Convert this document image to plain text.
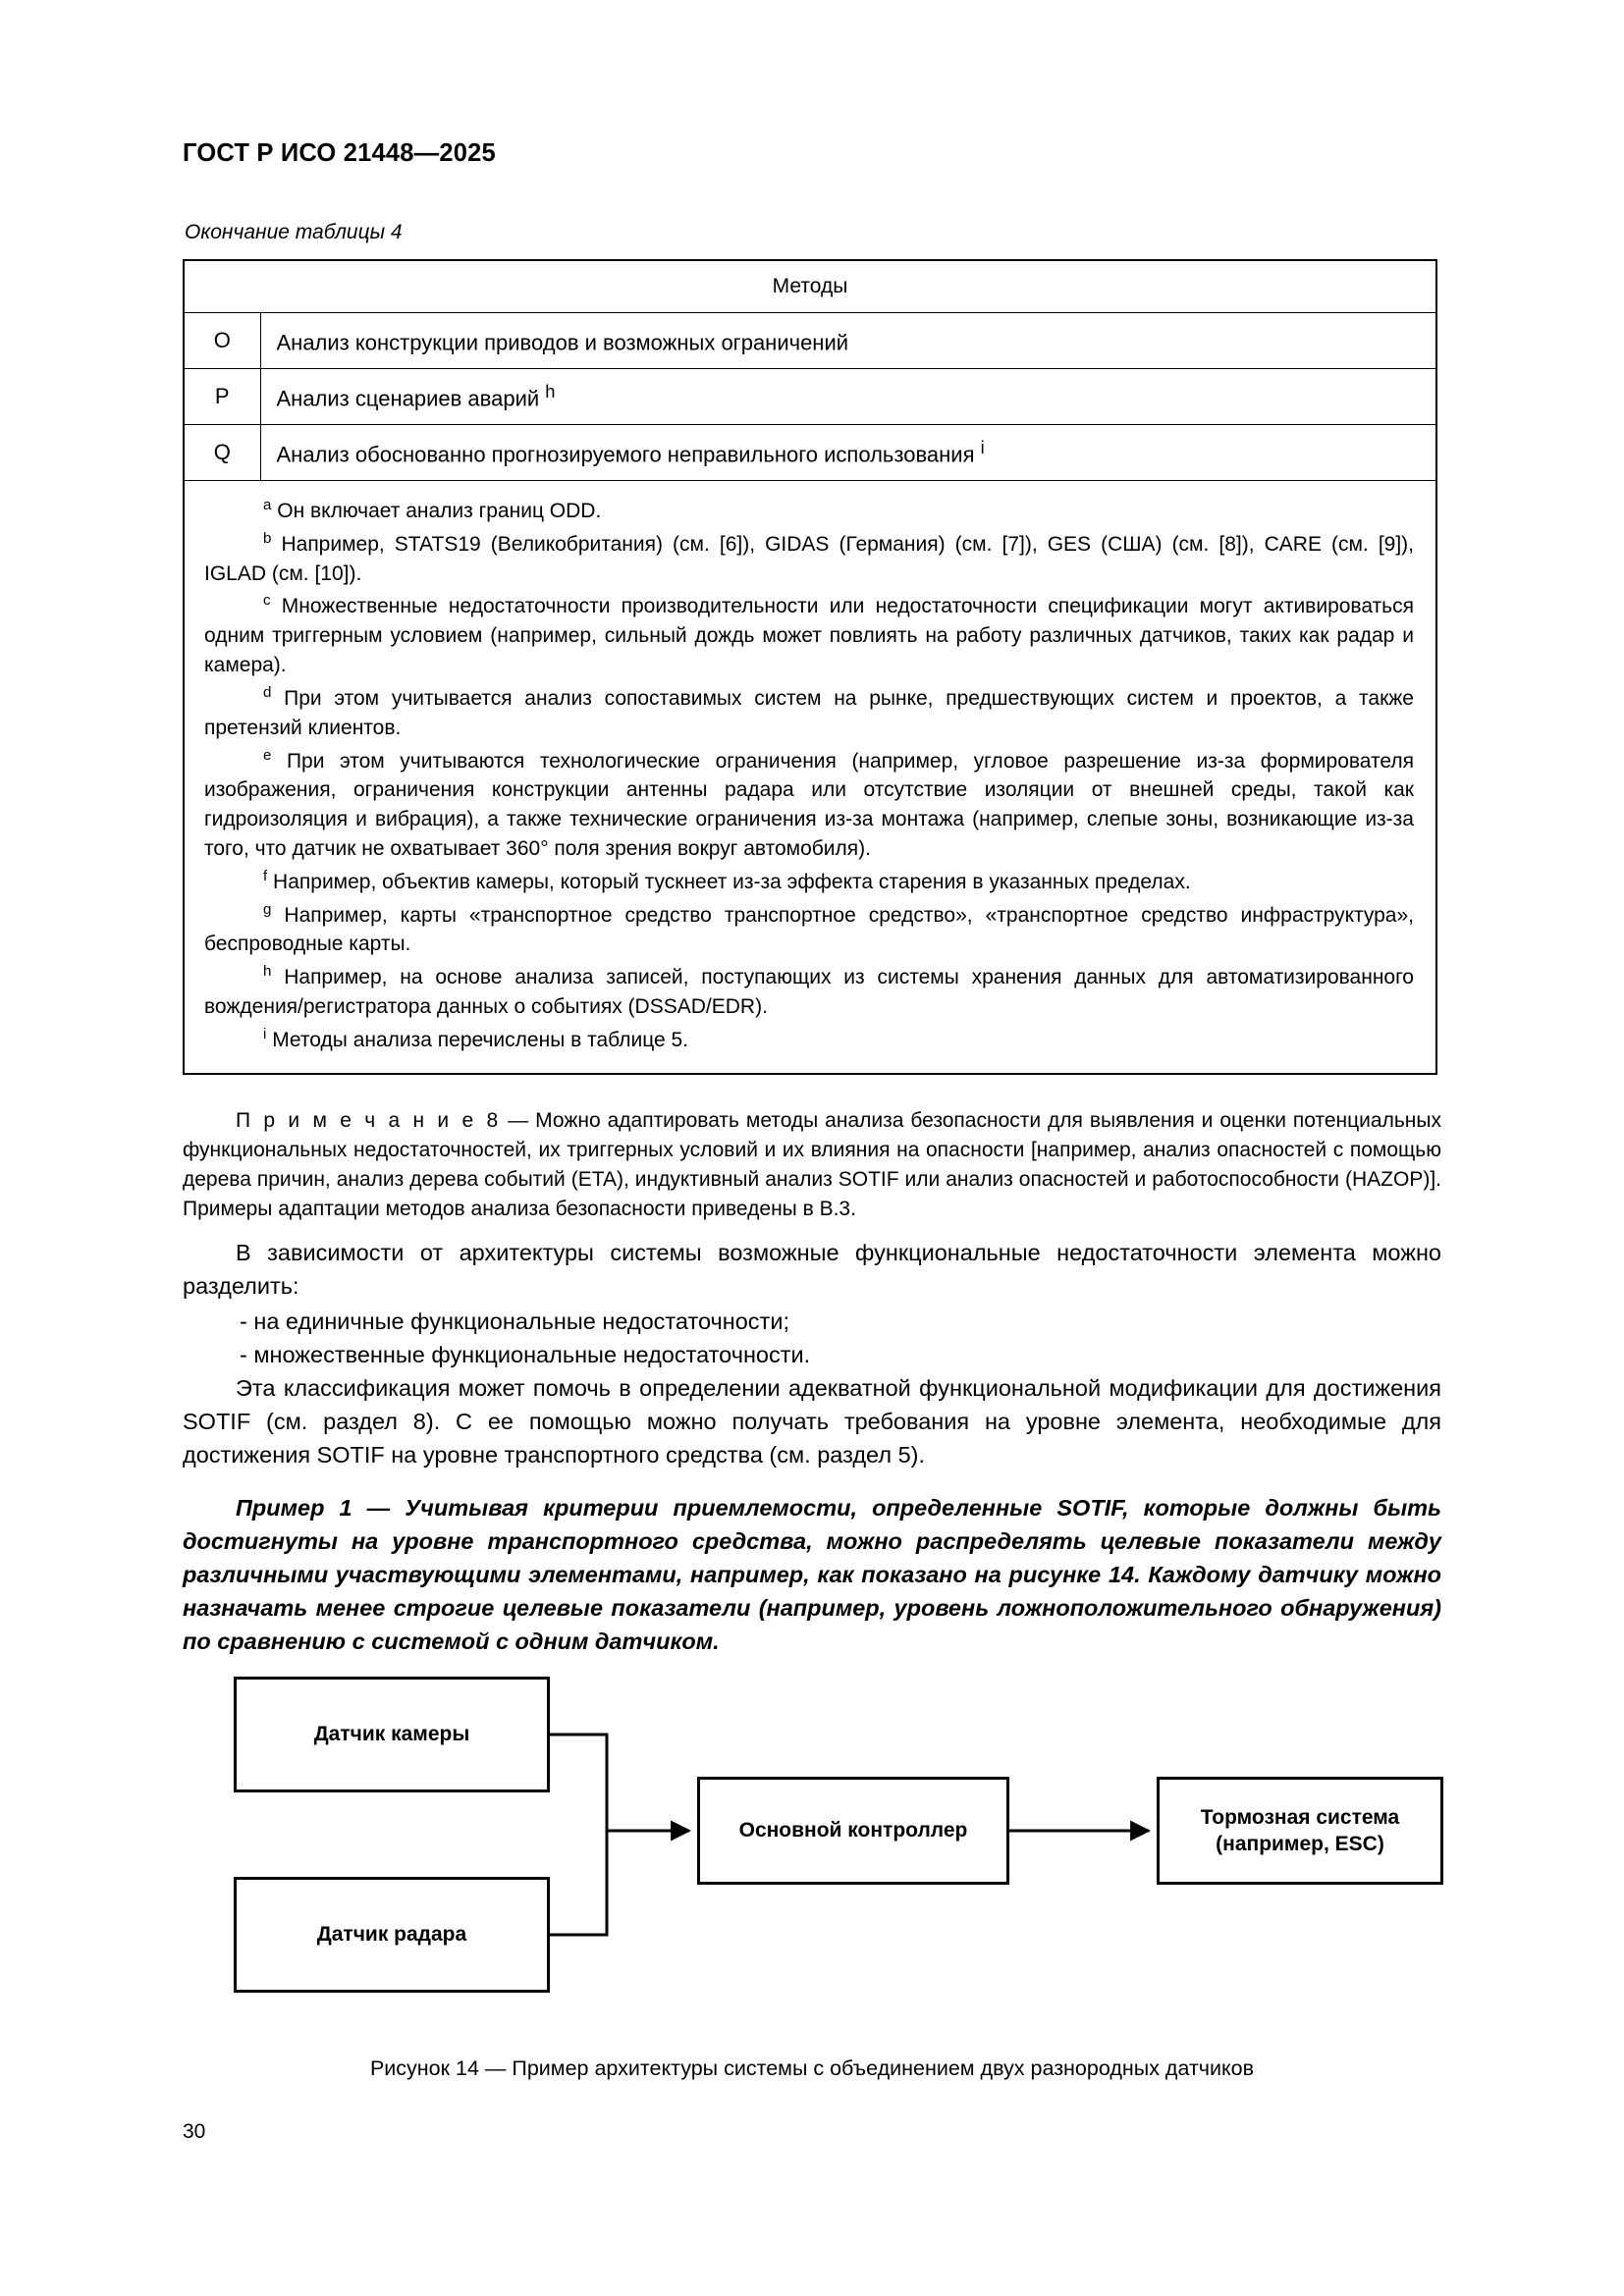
ГОСТ Р ИСО 21448—2025
Окончание таблицы 4
Методы	
O	Анализ конструкции приводов и возможных ограничений
P	Анализ сценариев аварий $^h$
Q	Анализ обоснованно прогнозируемого неправильного использования $^i$

$^a$ Он включает анализ границ ODD.

$^b$ Например, STATS19 (Великобритания) (см. [6]), GIDAS (Германия) (см. [7]), GES (США) (см. [8]), CARE (см. [9]), IGLAD (см. [10]).

$^c$ Множественные недостаточности производительности или недостаточности спецификации могут активироваться одним триггерным условием (например, сильный дождь может повлиять на работу различных датчиков, таких как радар и камера).

$^d$ При этом учитывается анализ сопоставимых систем на рынке, предшествующих систем и проектов, а также претензий клиентов.

$^e$ При этом учитываются технологические ограничения (например, угловое разрешение из-за формирователя изображения, ограничения конструкции антенны радара или отсутствие изоляции от внешней среды, такой как гидроизоляция и вибрация), а также технические ограничения из-за монтажа (например, слепые зоны, возникающие из-за того, что датчик не охватывает 360° поля зрения вокруг автомобиля).

$^f$ Например, объектив камеры, который тускнеет из-за эффекта старения в указанных пределах.

$^g$ Например, карты «транспортное средство транспортное средство», «транспортное средство инфраструктура», беспроводные карты.

$^h$ Например, на основе анализа записей, поступающих из системы хранения данных для автоматизированного вождения/регистратора данных о событиях (DSSAD/EDR).

$^i$ Методы анализа перечислены в таблице 5.

П р и м е ч а н и е 8 — Можно адаптировать методы анализа безопасности для выявления и оценки потенциальных функциональных недостаточностей, их триггерных условий и их влияния на опасности [например, анализ опасностей с помощью дерева причин, анализ дерева событий (ETA), индуктивный анализ SOTIF или анализ опасностей и работоспособности (HAZOP)]. Примеры адаптации методов анализа безопасности приведены в B.3.
В зависимости от архитектуры системы возможные функциональные недостаточности элемента можно разделить:
- на единичные функциональные недостаточности;
- множественные функциональные недостаточности.
Эта классификация может помочь в определении адекватной функциональной модификации для достижения SOTIF (см. раздел 8). С ее помощью можно получать требования на уровне элемента, необходимые для достижения SOTIF на уровне транспортного средства (см. раздел 5).
Пример 1 — Учитывая критерии приемлемости, определенные SOTIF, которые должны быть достигнуты на уровне транспортного средства, можно распределять целевые показатели между различными участвующими элементами, например, как показано на рисунке 14. Каждому датчику можно назначать менее строгие целевые показатели (например, уровень ложноположительного обнаружения) по сравнению с системой с одним датчиком.
Датчик камеры
Датчик радара
Основной контроллер
Тормозная система
(например, ESC)
Рисунок 14 — Пример архитектуры системы с объединением двух разнородных датчиков
30
